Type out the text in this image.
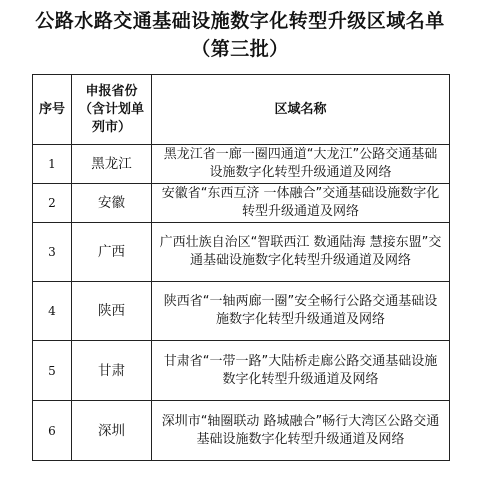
公路水路交通基础设施数字化转型升级区域名单
（第三批）
序号	申报省份（含计划单列市）	区域名称
1	黑龙江	黑龙江省一廊一圈四通道“大龙江”公路交通基础设施数字化转型升级通道及网络
2	安徽	安徽省“东西互济 一体融合”交通基础设施数字化转型升级通道及网络
3	广西	广西壮族自治区“智联西江 数通陆海 慧接东盟”交通基础设施数字化转型升级通道及网络
4	陕西	陕西省“一轴两廊一圈”安全畅行公路交通基础设施数字化转型升级通道及网络
5	甘肃	甘肃省“一带一路”大陆桥走廊公路交通基础设施数字化转型升级通道及网络
6	深圳	深圳市“轴圈联动 路城融合”畅行大湾区公路交通基础设施数字化转型升级通道及网络
